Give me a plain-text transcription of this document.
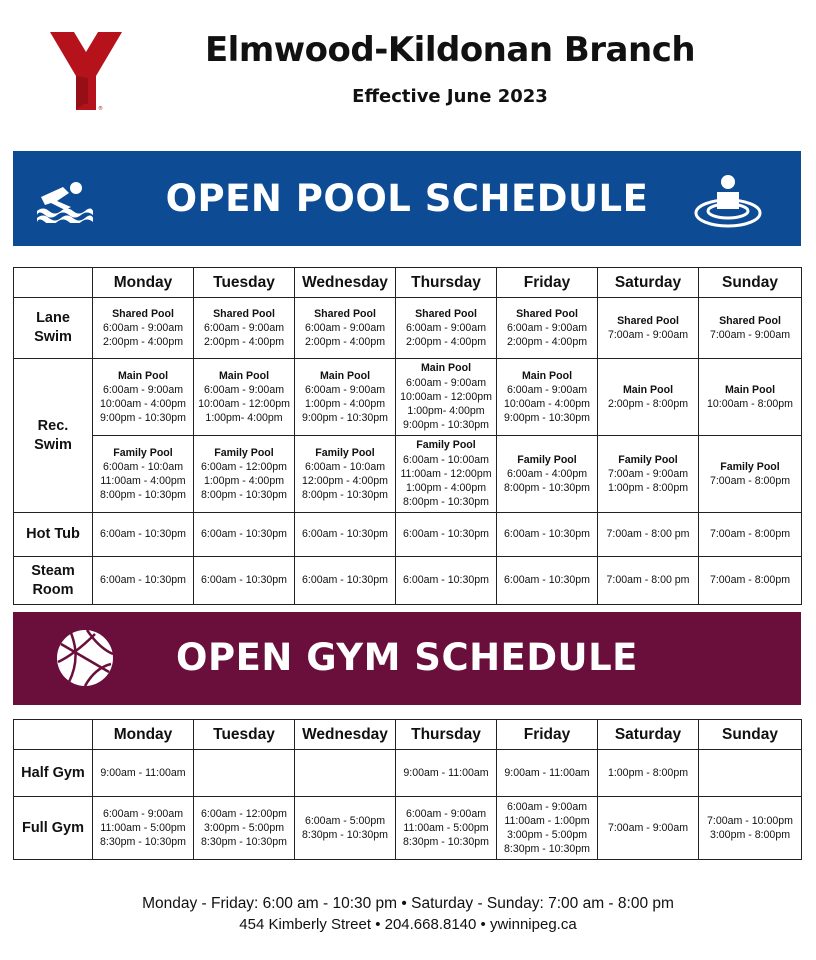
®
Elmwood-Kildonan Branch
Effective June 2023
OPEN POOL SCHEDULE
	Monday	Tuesday	Wednesday	Thursday	Friday	Saturday	Sunday
Lane Swim	Shared Pool
6:00am - 9:00am
2:00pm - 4:00pm	Shared Pool
6:00am - 9:00am
2:00pm - 4:00pm	Shared Pool
6:00am - 9:00am
2:00pm - 4:00pm	Shared Pool
6:00am - 9:00am
2:00pm - 4:00pm	Shared Pool
6:00am - 9:00am
2:00pm - 4:00pm	Shared Pool
7:00am - 9:00am	Shared Pool
7:00am - 9:00am

Rec. Swim	Main Pool
6:00am - 9:00am
10:00am - 4:00pm
9:00pm - 10:30pm	Main Pool
6:00am - 9:00am
10:00am - 12:00pm
1:00pm- 4:00pm	Main Pool
6:00am - 9:00am
1:00pm - 4:00pm
9:00pm - 10:30pm	Main Pool
6:00am - 9:00am
10:00am - 12:00pm
1:00pm- 4:00pm
9:00pm - 10:30pm	Main Pool
6:00am - 9:00am
10:00am - 4:00pm
9:00pm - 10:30pm	Main Pool
2:00pm - 8:00pm	Main Pool
10:00am - 8:00pm

	Family Pool
6:00am - 10:0am
11:00am - 4:00pm
8:00pm - 10:30pm	Family Pool
6:00am - 12:00pm
1:00pm - 4:00pm
8:00pm - 10:30pm	Family Pool
6:00am - 10:0am
12:00pm - 4:00pm
8:00pm - 10:30pm	Family Pool
6:00am - 10:00am
11:00am - 12:00pm
1:00pm - 4:00pm
8:00pm - 10:30pm	Family Pool
6:00am - 4:00pm
8:00pm - 10:30pm	Family Pool
7:00am - 9:00am
1:00pm - 8:00pm	Family Pool
7:00am - 8:00pm

Hot Tub	6:00am - 10:30pm	6:00am - 10:30pm	6:00am - 10:30pm	6:00am - 10:30pm	6:00am - 10:30pm	7:00am - 8:00 pm	7:00am - 8:00pm
Steam Room	6:00am - 10:30pm	6:00am - 10:30pm	6:00am - 10:30pm	6:00am - 10:30pm	6:00am - 10:30pm	7:00am - 8:00 pm	7:00am - 8:00pm
OPEN GYM SCHEDULE
	Monday	Tuesday	Wednesday	Thursday	Friday	Saturday	Sunday
Half Gym	9:00am - 11:00am			9:00am - 11:00am	9:00am - 11:00am	1:00pm - 8:00pm	
Full Gym	6:00am - 9:00am
11:00am - 5:00pm
8:30pm - 10:30pm	6:00am - 12:00pm
3:00pm - 5:00pm
8:30pm - 10:30pm	6:00am - 5:00pm
8:30pm - 10:30pm	6:00am - 9:00am
11:00am - 5:00pm
8:30pm - 10:30pm	6:00am - 9:00am
11:00am - 1:00pm
3:00pm - 5:00pm
8:30pm - 10:30pm	7:00am - 9:00am	7:00am - 10:00pm
3:00pm - 8:00pm
Monday - Friday: 6:00 am - 10:30 pm • Saturday - Sunday: 7:00 am - 8:00 pm
454 Kimberly Street • 204.668.8140 • ywinnipeg.ca
